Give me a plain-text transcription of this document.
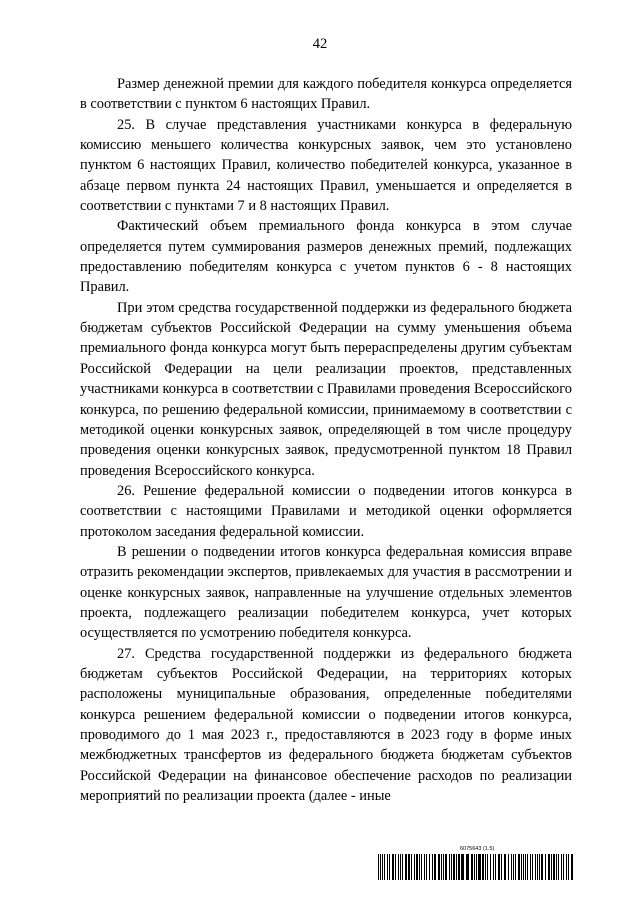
42

Размер денежной премии для каждого победителя конкурса определяется в соответствии с пунктом 6 настоящих Правил.

25. В случае представления участниками конкурса в федеральную комиссию меньшего количества конкурсных заявок, чем это установлено пунктом 6 настоящих Правил, количество победителей конкурса, указанное в абзаце первом пункта 24 настоящих Правил, уменьшается и определяется в соответствии с пунктами 7 и 8 настоящих Правил.

Фактический объем премиального фонда конкурса в этом случае определяется путем суммирования размеров денежных премий, подлежащих предоставлению победителям конкурса с учетом пунктов 6 - 8 настоящих Правил.

При этом средства государственной поддержки из федерального бюджета бюджетам субъектов Российской Федерации на сумму уменьшения объема премиального фонда конкурса могут быть перераспределены другим субъектам Российской Федерации на цели реализации проектов, представленных участниками конкурса в соответствии с Правилами проведения Всероссийского конкурса, по решению федеральной комиссии, принимаемому в соответствии с методикой оценки конкурсных заявок, определяющей в том числе процедуру проведения оценки конкурсных заявок, предусмотренной пунктом 18 Правил проведения Всероссийского конкурса.

26. Решение федеральной комиссии о подведении итогов конкурса в соответствии с настоящими Правилами и методикой оценки оформляется протоколом заседания федеральной комиссии.

В решении о подведении итогов конкурса федеральная комиссия вправе отразить рекомендации экспертов, привлекаемых для участия в рассмотрении и оценке конкурсных заявок, направленные на улучшение отдельных элементов проекта, подлежащего реализации победителем конкурса, учет которых осуществляется по усмотрению победителя конкурса.

27. Средства государственной поддержки из федерального бюджета бюджетам субъектов Российской Федерации, на территориях которых расположены муниципальные образования, определенные победителями конкурса решением федеральной комиссии о подведении итогов конкурса, проводимого до 1 мая 2023 г., предоставляются в 2023 году в форме иных межбюджетных трансфертов из федерального бюджета бюджетам субъектов Российской Федерации на финансовое обеспечение расходов по реализации мероприятий по реализации проекта (далее - иные

6075643 (1.5)
